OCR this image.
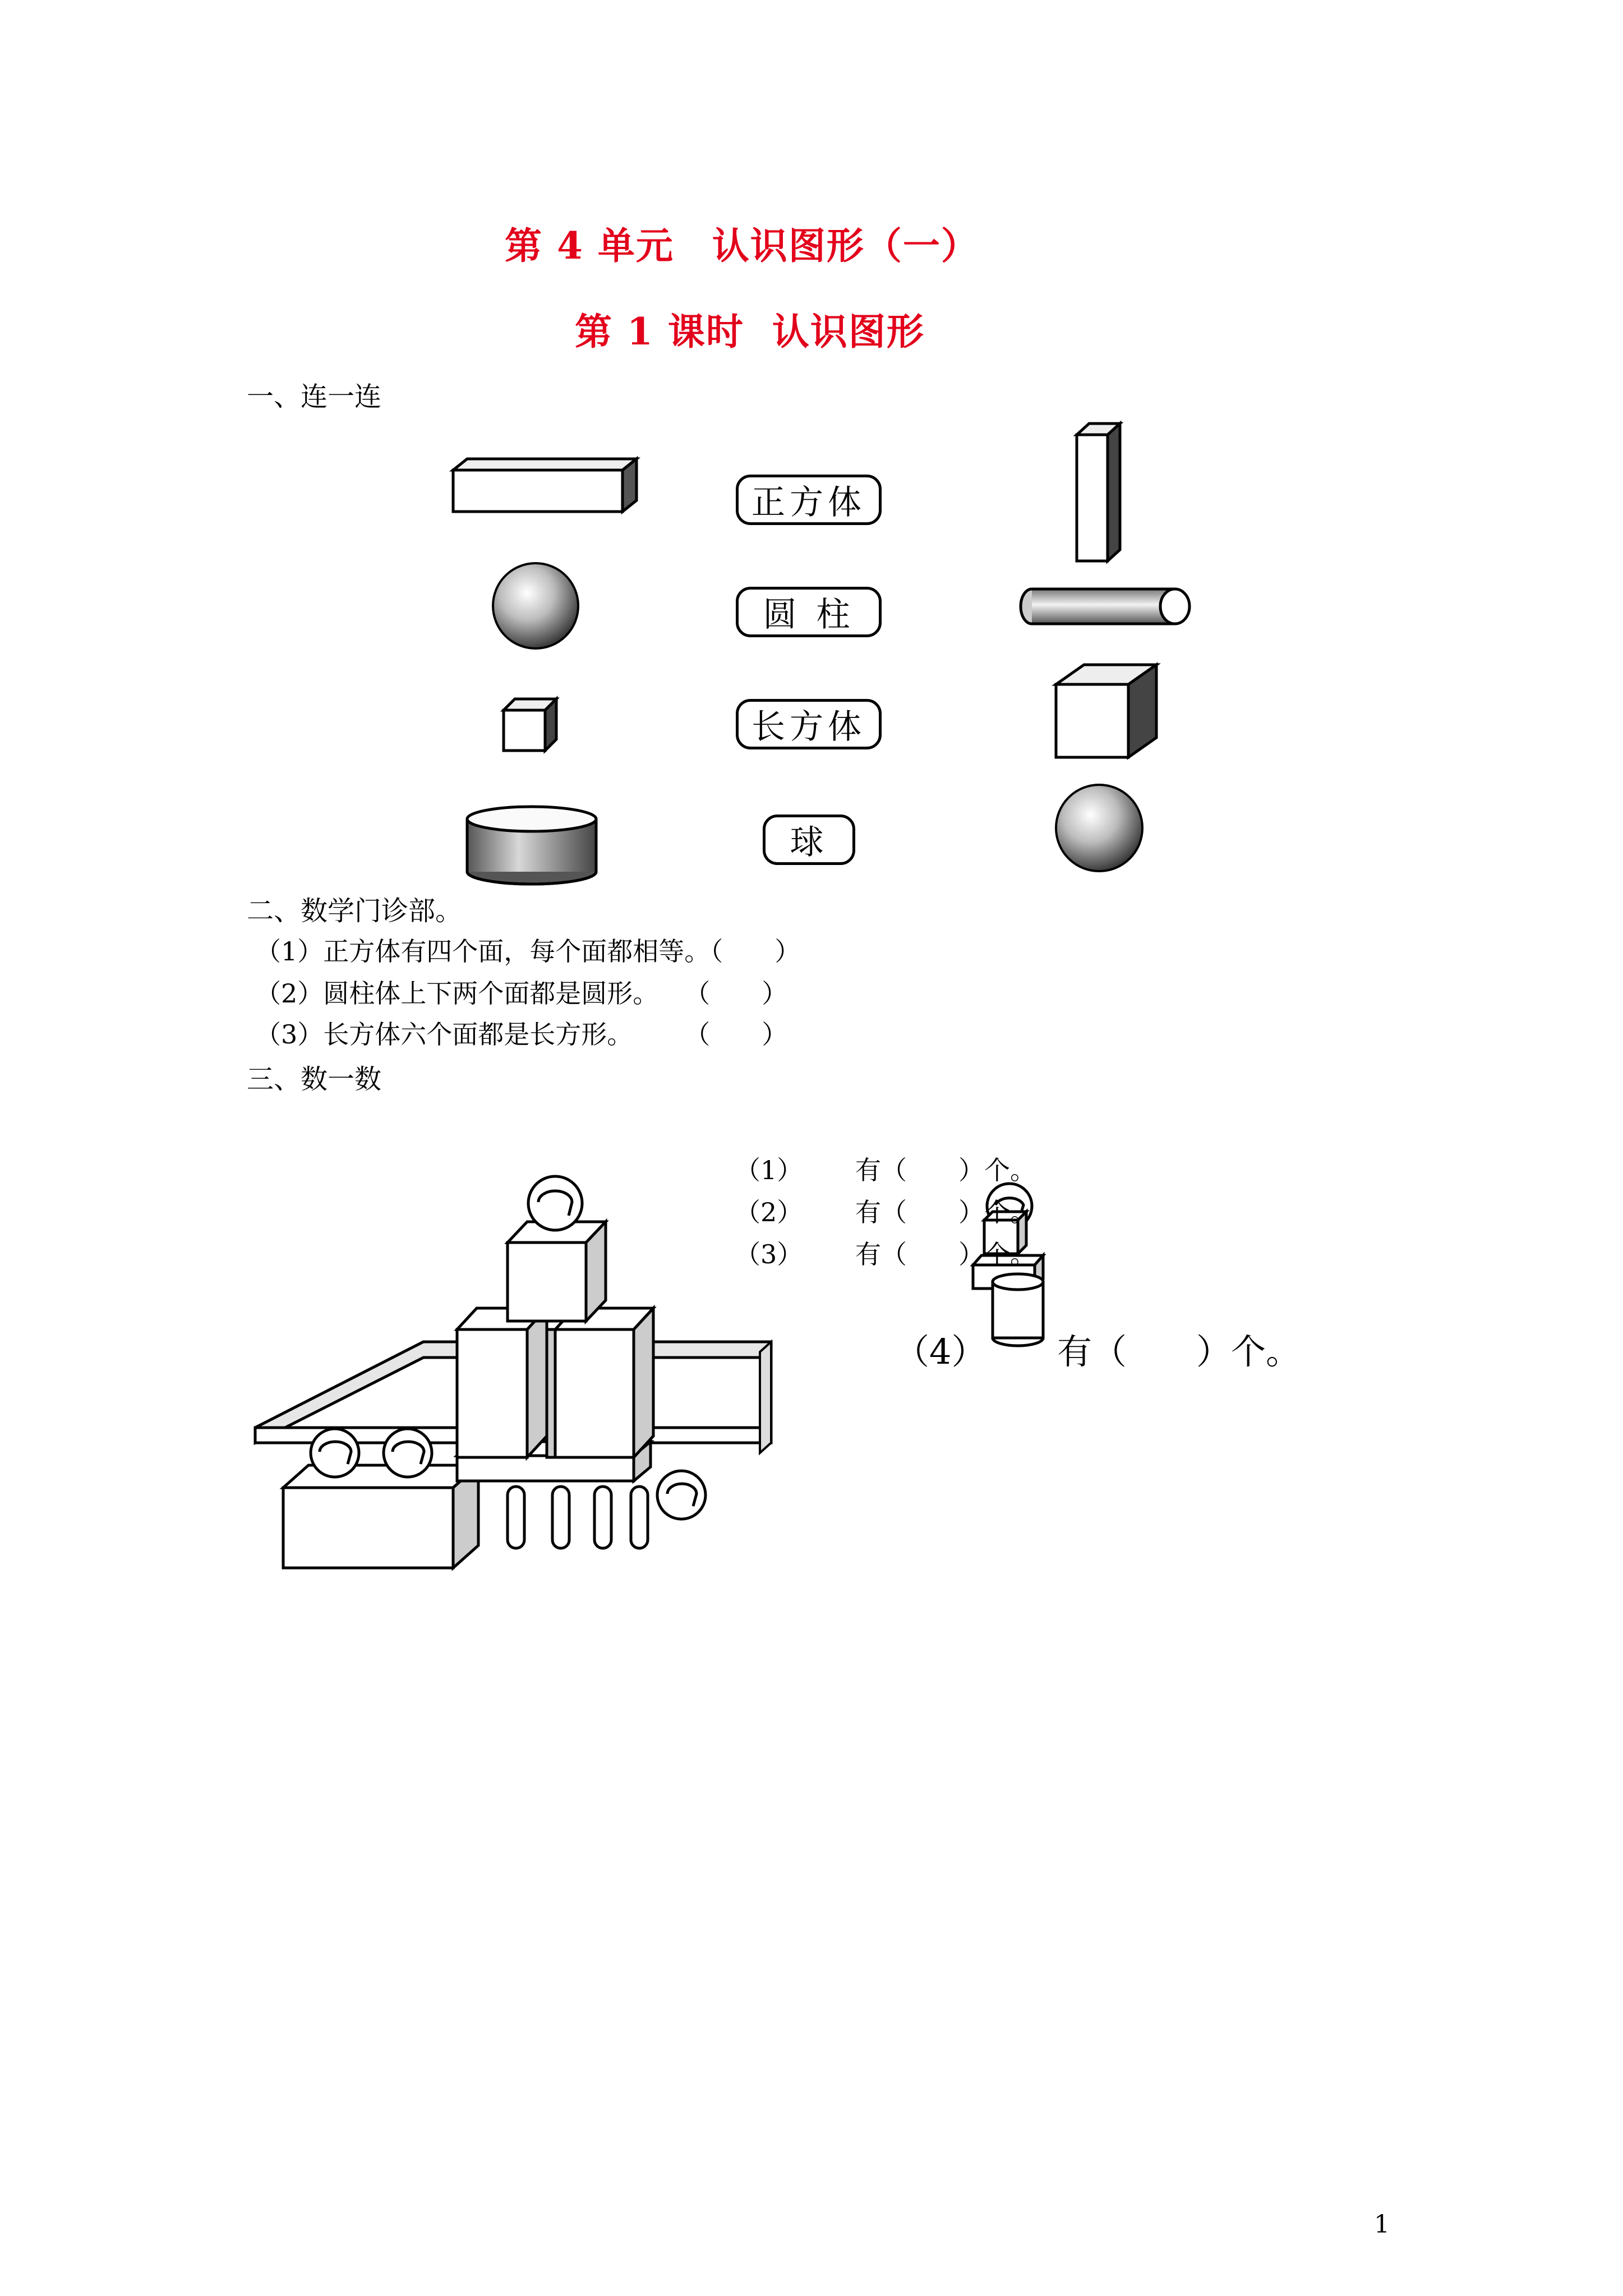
第 4 单元　认识图形（一）
第 1 课时  认识图形
一、连一连
正方体
圆 柱
长方体
球
二、数学门诊部。
（1）正方体有四个面，每个面都相等。（　　）
（2）圆柱体上下两个面都是圆形。　　（　　）
（3）长方体六个面都是长方形。　　　（　　）
三、数一数
（1） 有（　　）个。
（2） 有（　　）个。
（3） 有（　　）个。
（4） 有（　　）个。
1
